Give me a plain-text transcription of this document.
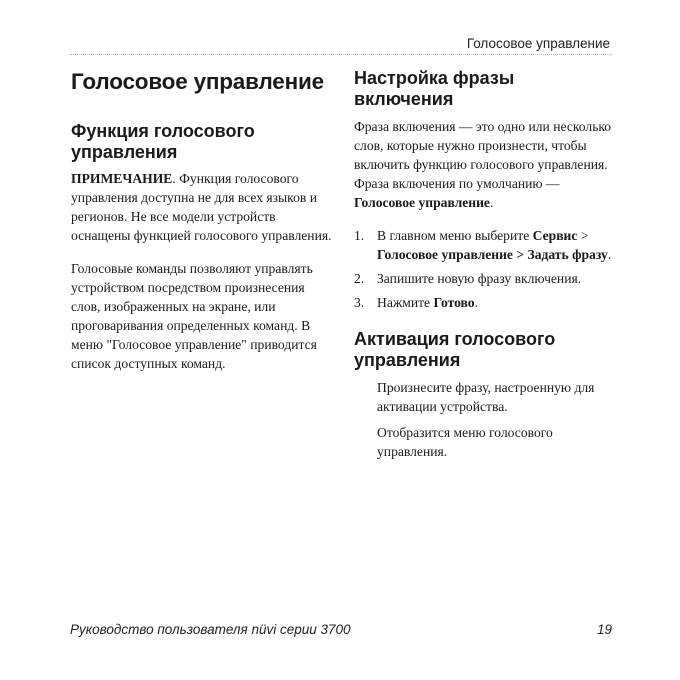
Голосовое управление
Голосовое управление
Функция голосового управления

ПРИМЕЧАНИЕ. Функция голосового управления доступна не для всех языков и регионов. Не все модели устройств оснащены функцией голосового управления.

Голосовые команды позволяют управлять устройством посредством произнесения слов, изображенных на экране, или проговаривания определенных команд. В меню "Голосовое управление" приводится список доступных команд.

Настройка фразы включения

Фраза включения — это одно или несколько слов, которые нужно произнести, чтобы включить функцию голосового управления. Фраза включения по умолчанию — Голосовое управление.

1. В главном меню выберите Сервис > Голосовое управление > Задать фразу.
2. Запишите новую фразу включения.
3. Нажмите Готово.
Активация голосового управления

Произнесите фразу, настроенную для активации устройства.

Отобразится меню голосового управления.

Руководство пользователя nüvi серии 3700	19
